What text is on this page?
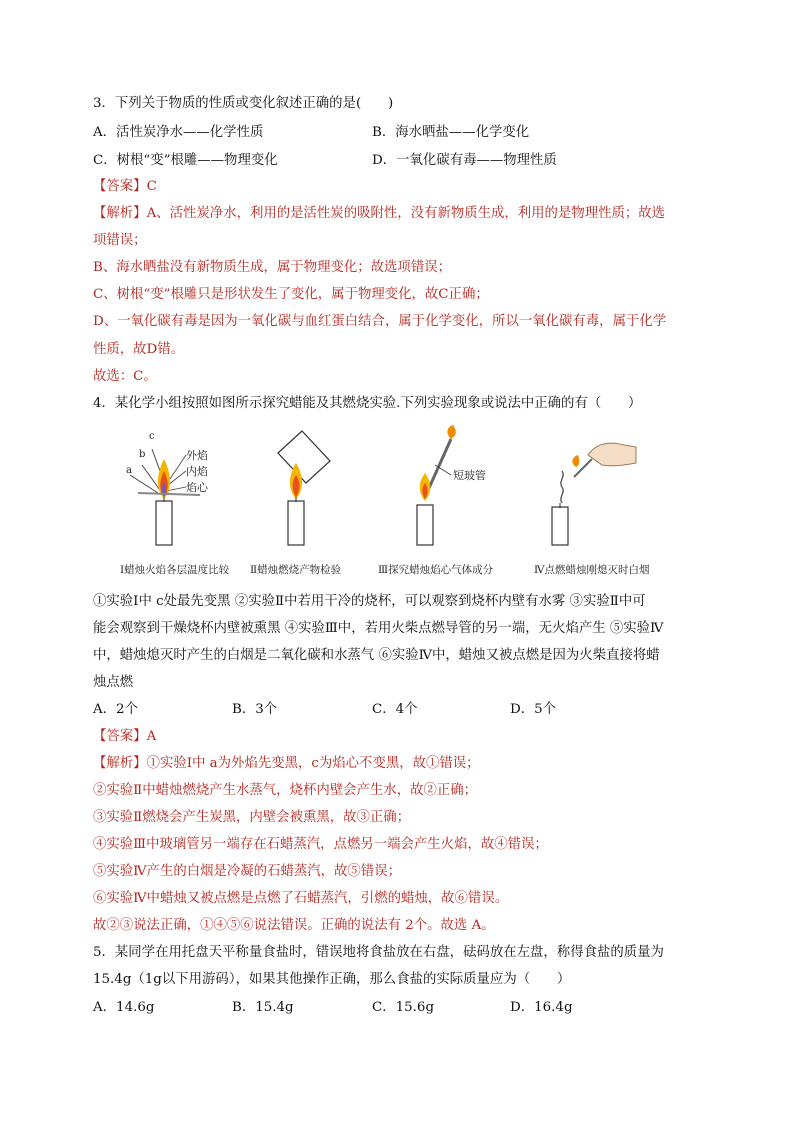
3．下列关于物质的性质或变化叙述正确的是(　　)
A．活性炭净水——化学性质	B．海水晒盐——化学变化
C．树根“变”根雕——物理变化	D．一氧化碳有毒——物理性质
【答案】C
【解析】A、活性炭净水，利用的是活性炭的吸附性，没有新物质生成，利用的是物理性质；故选
项错误；
B、海水晒盐没有新物质生成，属于物理变化；故选项错误；
C、树根“变”根雕只是形状发生了变化，属于物理变化，故C正确；
D、一氧化碳有毒是因为一氧化碳与血红蛋白结合，属于化学变化，所以一氧化碳有毒，属于化学
性质，故D错。
故选：C。
4．某化学小组按照如图所示探究蜡能及其燃烧实验.下列实验现象或说法中正确的有（　　）
c
b
a
外焰
内焰
焰心
短玻管
Ⅰ蜡烛火焰各层温度比较 Ⅱ蜡烛燃烧产物检验	Ⅲ探究蜡烛焰心气体成分	Ⅳ点燃蜡烛刚熄灭时白烟
①实验Ⅰ中 c处最先变黑 ②实验Ⅱ中若用干冷的烧杯，可以观察到烧杯内壁有水雾 ③实验Ⅱ中可
能会观察到干燥烧杯内壁被熏黑 ④实验Ⅲ中，若用火柴点燃导管的另一端，无火焰产生 ⑤实验Ⅳ
中，蜡烛熄灭时产生的白烟是二氧化碳和水蒸气 ⑥实验Ⅳ中，蜡烛又被点燃是因为火柴直接将蜡
烛点燃
A．2个	B．3个	C．4个	D．5个
【答案】A
【解析】①实验Ⅰ中 a为外焰先变黑，c为焰心不变黑，故①错误；
②实验Ⅱ中蜡烛燃烧产生水蒸气，烧杯内壁会产生水，故②正确；
③实验Ⅱ燃烧会产生炭黑，内壁会被熏黑，故③正确；
④实验Ⅲ中玻璃管另一端存在石蜡蒸汽，点燃另一端会产生火焰，故④错误；
⑤实验Ⅳ产生的白烟是冷凝的石蜡蒸汽，故⑤错误；
⑥实验Ⅳ中蜡烛又被点燃是点燃了石蜡蒸汽，引燃的蜡烛，故⑥错误。
故②③说法正确，①④⑤⑥说法错误。正确的说法有 2个。故选 A。
5．某同学在用托盘天平称量食盐时，错误地将食盐放在右盘，砝码放在左盘，称得食盐的质量为
15.4g（1g以下用游码），如果其他操作正确，那么食盐的实际质量应为（　　）
A．14.6g	B．15.4g	C．15.6g	D．16.4g
